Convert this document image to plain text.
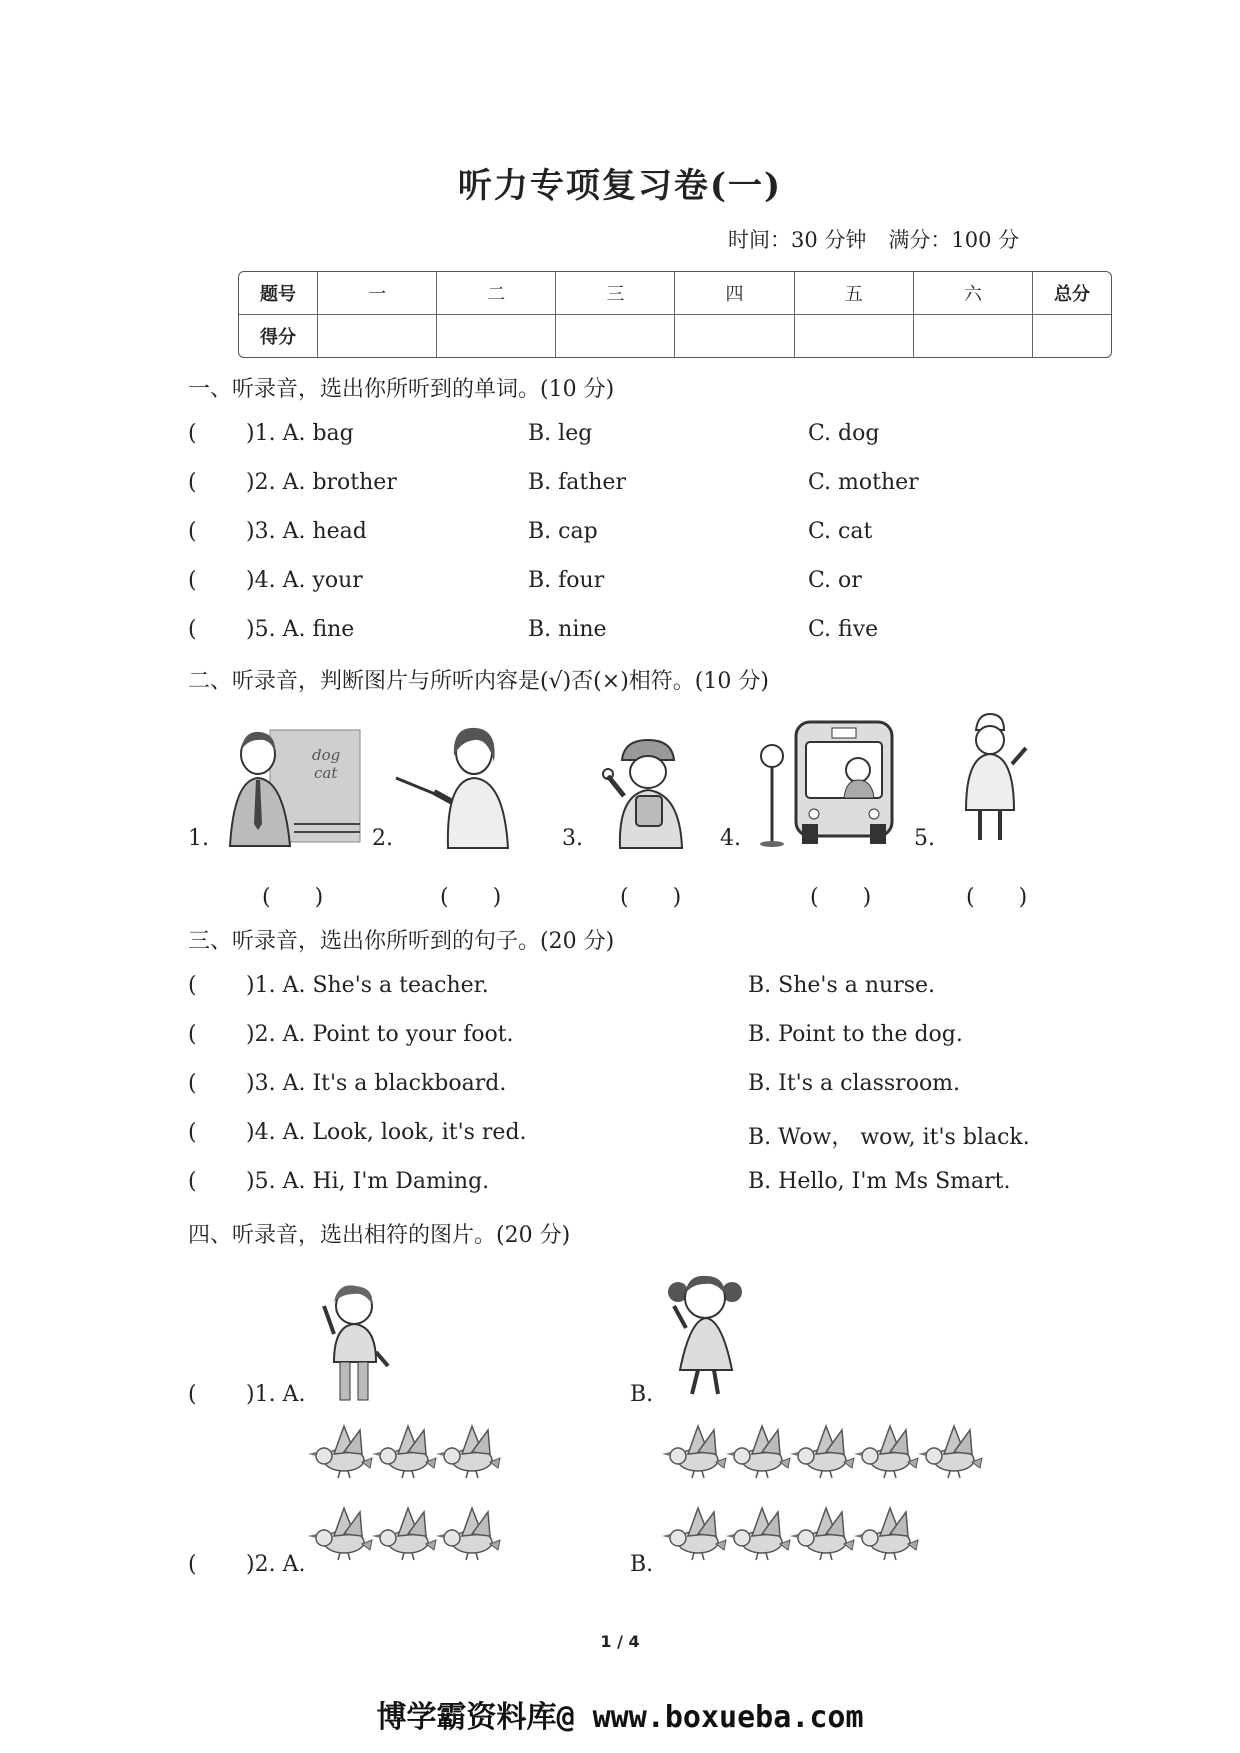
听力专项复习卷(一)
时间：30 分钟 满分：100 分
题号	一	二	三	四	五	六	总分
得分							
一、听录音，选出你所听到的单词。(10 分)
( )1. A. bag	B. leg	C. dog
( )2. A. brother	B. father	C. mother
( )3. A. head	B. cap	C. cat
( )4. A. your	B. four	C. or
( )5. A. fine	B. nine	C. five
二、听录音，判断图片与所听内容是(√)否(×)相符。(10 分)
1.
dog
cat
2.	3.	4.	5.
(　　)	(　　)	(　　)	(　　)	(　　)
三、听录音，选出你所听到的句子。(20 分)
( )1. A. She's a teacher.	B. She's a nurse.
( )2. A. Point to your foot.	B. Point to the dog.
( )3. A. It's a blackboard.	B. It's a classroom.
( )4. A. Look, look, it's red.	B. Wow， wow, it's black.
( )5. A. Hi, I'm Daming.	B. Hello, I'm Ms Smart.
四、听录音，选出相符的图片。(20 分)
( )1. A.	B.
( )2. A.	B.
1 / 4
博学霸资料库@ www.boxueba.com
